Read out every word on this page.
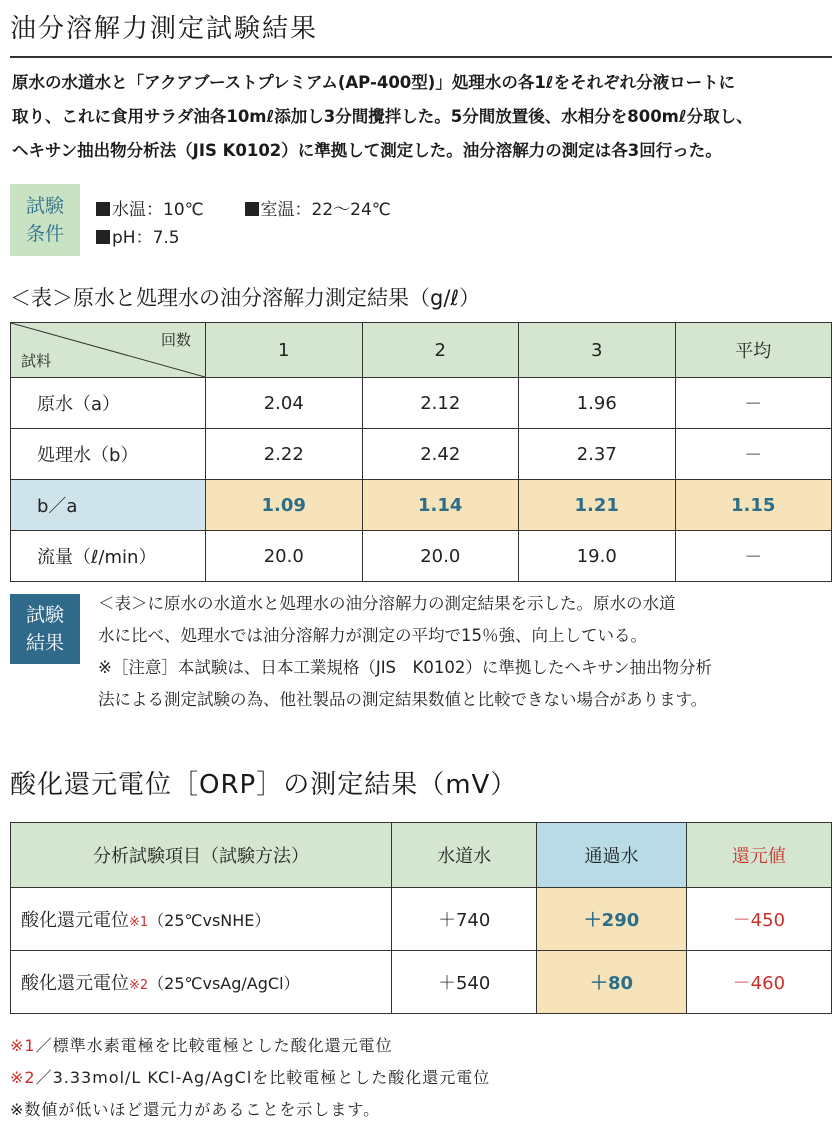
油分溶解力測定試験結果
原水の水道水と「アクアブーストプレミアム(AP-400型)」処理水の各1ℓをそれぞれ分液ロートに
取り、これに食用サラダ油各10mℓ添加し3分間攪拌した。5分間放置後、水相分を800mℓ分取し、
ヘキサン抽出物分析法（JIS K0102）に準拠して測定した。油分溶解力の測定は各3回行った。
試験
条件
水温：10℃	室温：22〜24℃
pH：7.5
＜表＞原水と処理水の油分溶解力測定結果（g/ℓ）
回数
試料	1	2	3	平均
原水（a）	2.04	2.12	1.96	－
処理水（b）	2.22	2.42	2.37	－
b／a	1.09	1.14	1.21	1.15
流量（ℓ/min）	20.0	20.0	19.0	－
試験
結果

＜表＞に原水の水道水と処理水の油分溶解力の測定結果を示した。原水の水道

水に比べ、処理水では油分溶解力が測定の平均で15％強、向上している。

※［注意］本試験は、日本工業規格（JIS　K0102）に準拠したヘキサン抽出物分析

法による測定試験の為、他社製品の測定結果数値と比較できない場合があります。

酸化還元電位［ORP］の測定結果（mV）
分析試験項目（試験方法）	水道水	通過水	還元値
酸化還元電位※1（25℃vsNHE）	＋740	＋290	－450
酸化還元電位※2（25℃vsAg/AgCl）	＋540	＋80	－460
※1／標準水素電極を比較電極とした酸化還元電位
※2／3.33mol/L KCl-Ag/AgClを比較電極とした酸化還元電位
※数値が低いほど還元力があることを示します。
